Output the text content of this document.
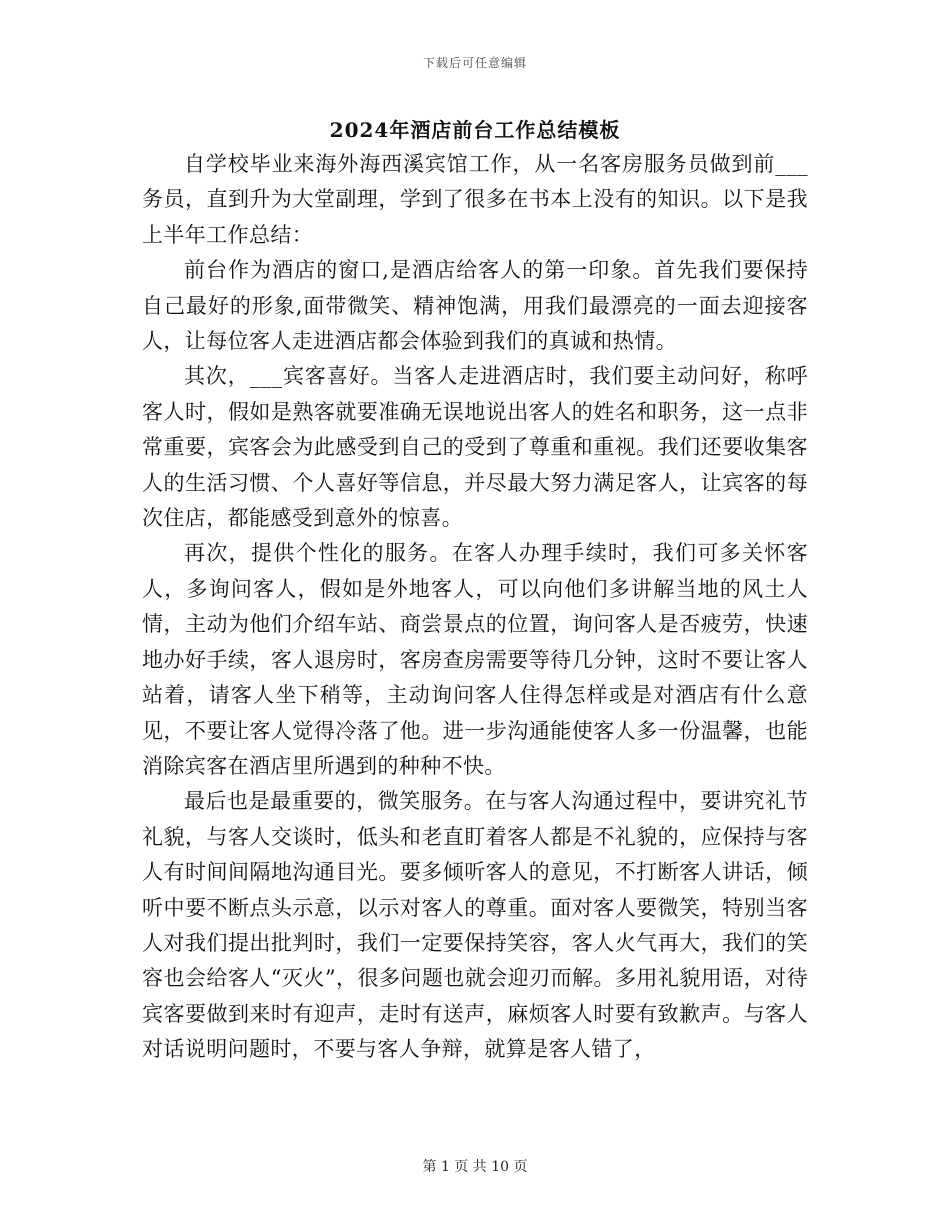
下载后可任意编辑
2024年酒店前台工作总结模板

自学校毕业来海外海西溪宾馆工作，从一名客房服务员做到前___务员，直到升为大堂副理，学到了很多在书本上没有的知识。以下是我上半年工作总结：

前台作为酒店的窗口,是酒店给客人的第一印象。首先我们要保持自己最好的形象,面带微笑、精神饱满，用我们最漂亮的一面去迎接客人，让每位客人走进酒店都会体验到我们的真诚和热情。

其次，___宾客喜好。当客人走进酒店时，我们要主动问好，称呼客人时，假如是熟客就要准确无误地说出客人的姓名和职务，这一点非常重要，宾客会为此感受到自己的受到了尊重和重视。我们还要收集客人的生活习惯、个人喜好等信息，并尽最大努力满足客人，让宾客的每次住店，都能感受到意外的惊喜。

再次，提供个性化的服务。在客人办理手续时，我们可多关怀客人，多询问客人，假如是外地客人，可以向他们多讲解当地的风土人情，主动为他们介绍车站、商尝景点的位置，询问客人是否疲劳，快速地办好手续，客人退房时，客房查房需要等待几分钟，这时不要让客人站着，请客人坐下稍等，主动询问客人住得怎样或是对酒店有什么意见，不要让客人觉得冷落了他。进一步沟通能使客人多一份温馨，也能消除宾客在酒店里所遇到的种种不快。

最后也是最重要的，微笑服务。在与客人沟通过程中，要讲究礼节礼貌，与客人交谈时，低头和老直盯着客人都是不礼貌的，应保持与客人有时间间隔地沟通目光。要多倾听客人的意见，不打断客人讲话，倾听中要不断点头示意，以示对客人的尊重。面对客人要微笑，特别当客人对我们提出批判时，我们一定要保持笑容，客人火气再大，我们的笑容也会给客人“灭火”，很多问题也就会迎刃而解。多用礼貌用语，对待宾客要做到来时有迎声，走时有送声，麻烦客人时要有致歉声。与客人对话说明问题时，不要与客人争辩，就算是客人错了，

第 1 页 共 10 页
